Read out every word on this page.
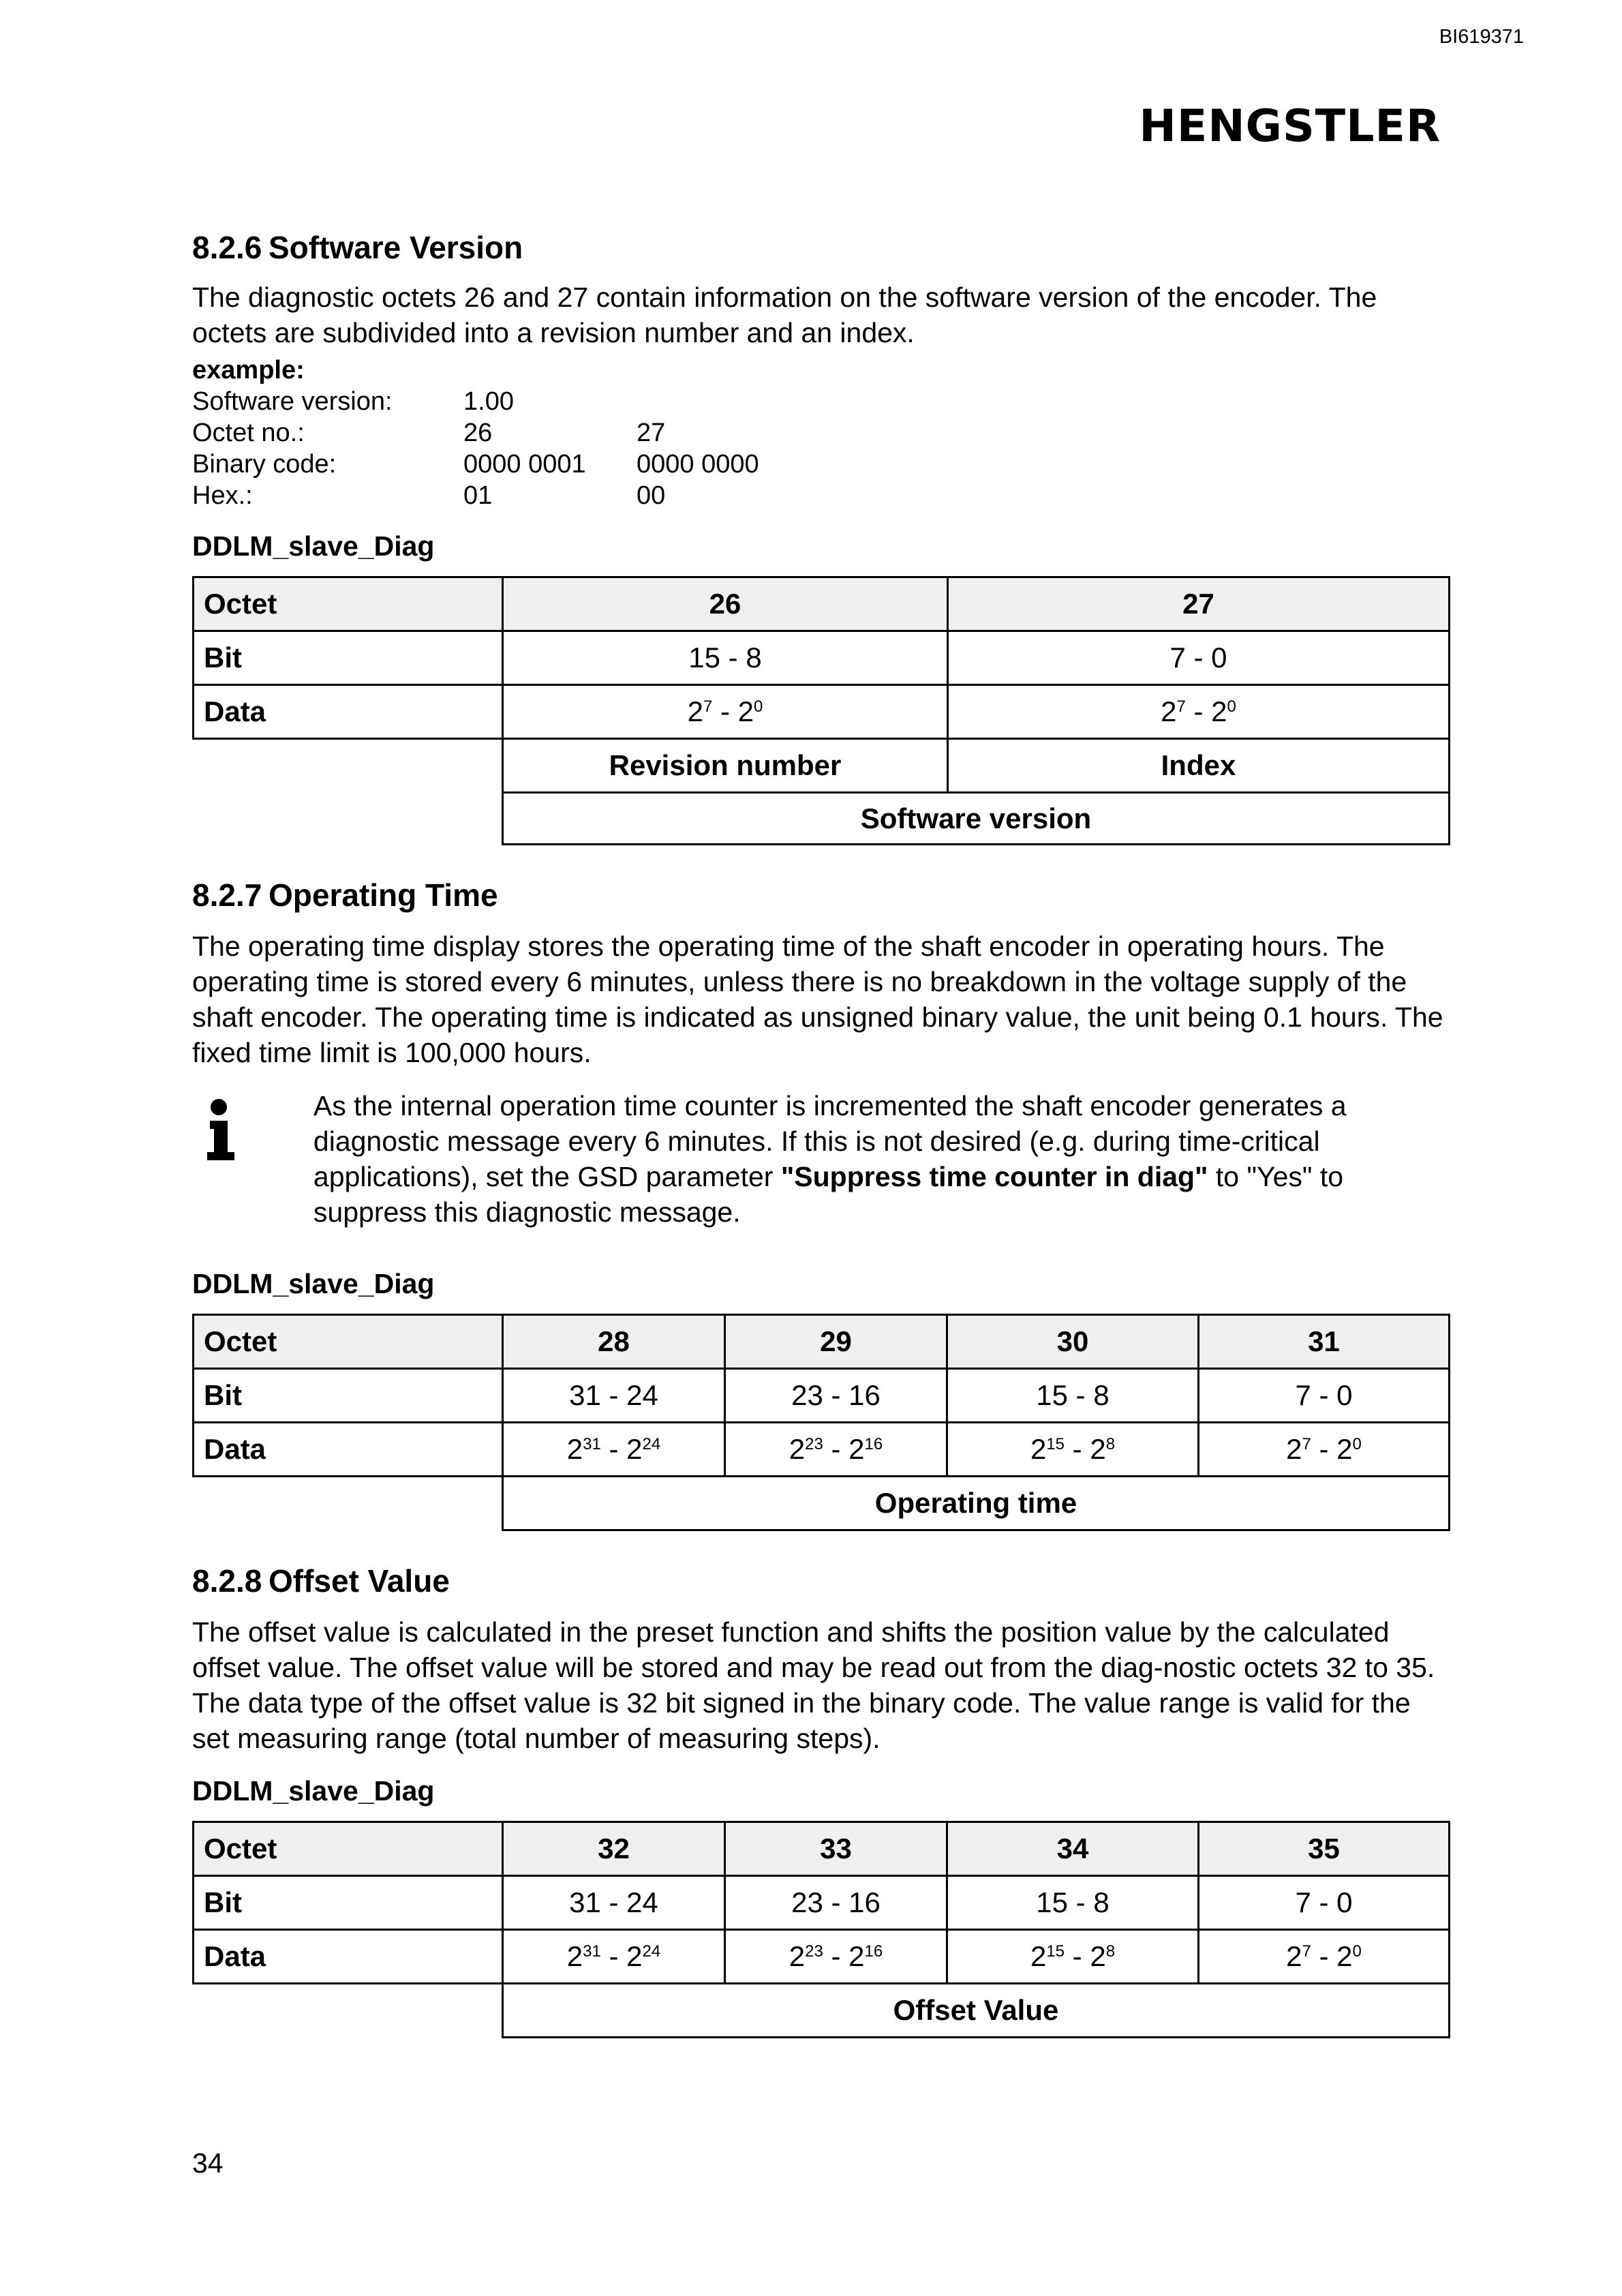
BI619371
HENGSTLER
8.2.6 Software Version

The diagnostic octets 26 and 27 contain information on the software version of the encoder. The octets are subdivided into a revision number and an index.

example:
Software version:	1.00
Octet no.:	26	27
Binary code:	0000 0001	0000 0000
Hex.:	01	00
DDLM_slave_Diag
Octet	26	27
Bit	15 - 8	7 - 0
Data	$2^7 - 2^0$	$2^7 - 2^0$
	Revision number	Index
	Software version	
8.2.7 Operating Time

The operating time display stores the operating time of the shaft encoder in operating hours. The operating time is stored every 6 minutes, unless there is no breakdown in the voltage supply of the shaft encoder. The operating time is indicated as unsigned binary value, the unit being 0.1 hours. The fixed time limit is 100,000 hours.

As the internal operation time counter is incremented the shaft encoder generates a diagnostic message every 6 minutes. If this is not desired (e.g. during time-critical applications), set the GSD parameter "Suppress time counter in diag" to "Yes" to suppress this diagnostic message.
DDLM_slave_Diag
Octet	28	29	30	31
Bit	31 - 24	23 - 16	15 - 8	7 - 0
Data	$2^{31} - 2^{24}$	$2^{23} - 2^{16}$	$2^{15} - 2^8$	$2^7 - 2^0$
	Operating time			
8.2.8 Offset Value

The offset value is calculated in the preset function and shifts the position value by the calculated offset value. The offset value will be stored and may be read out from the diag-nostic octets 32 to 35. The data type of the offset value is 32 bit signed in the binary code. The value range is valid for the set measuring range (total number of measuring steps).

DDLM_slave_Diag
Octet	32	33	34	35
Bit	31 - 24	23 - 16	15 - 8	7 - 0
Data	$2^{31} - 2^{24}$	$2^{23} - 2^{16}$	$2^{15} - 2^8$	$2^7 - 2^0$
	Offset Value			
34
